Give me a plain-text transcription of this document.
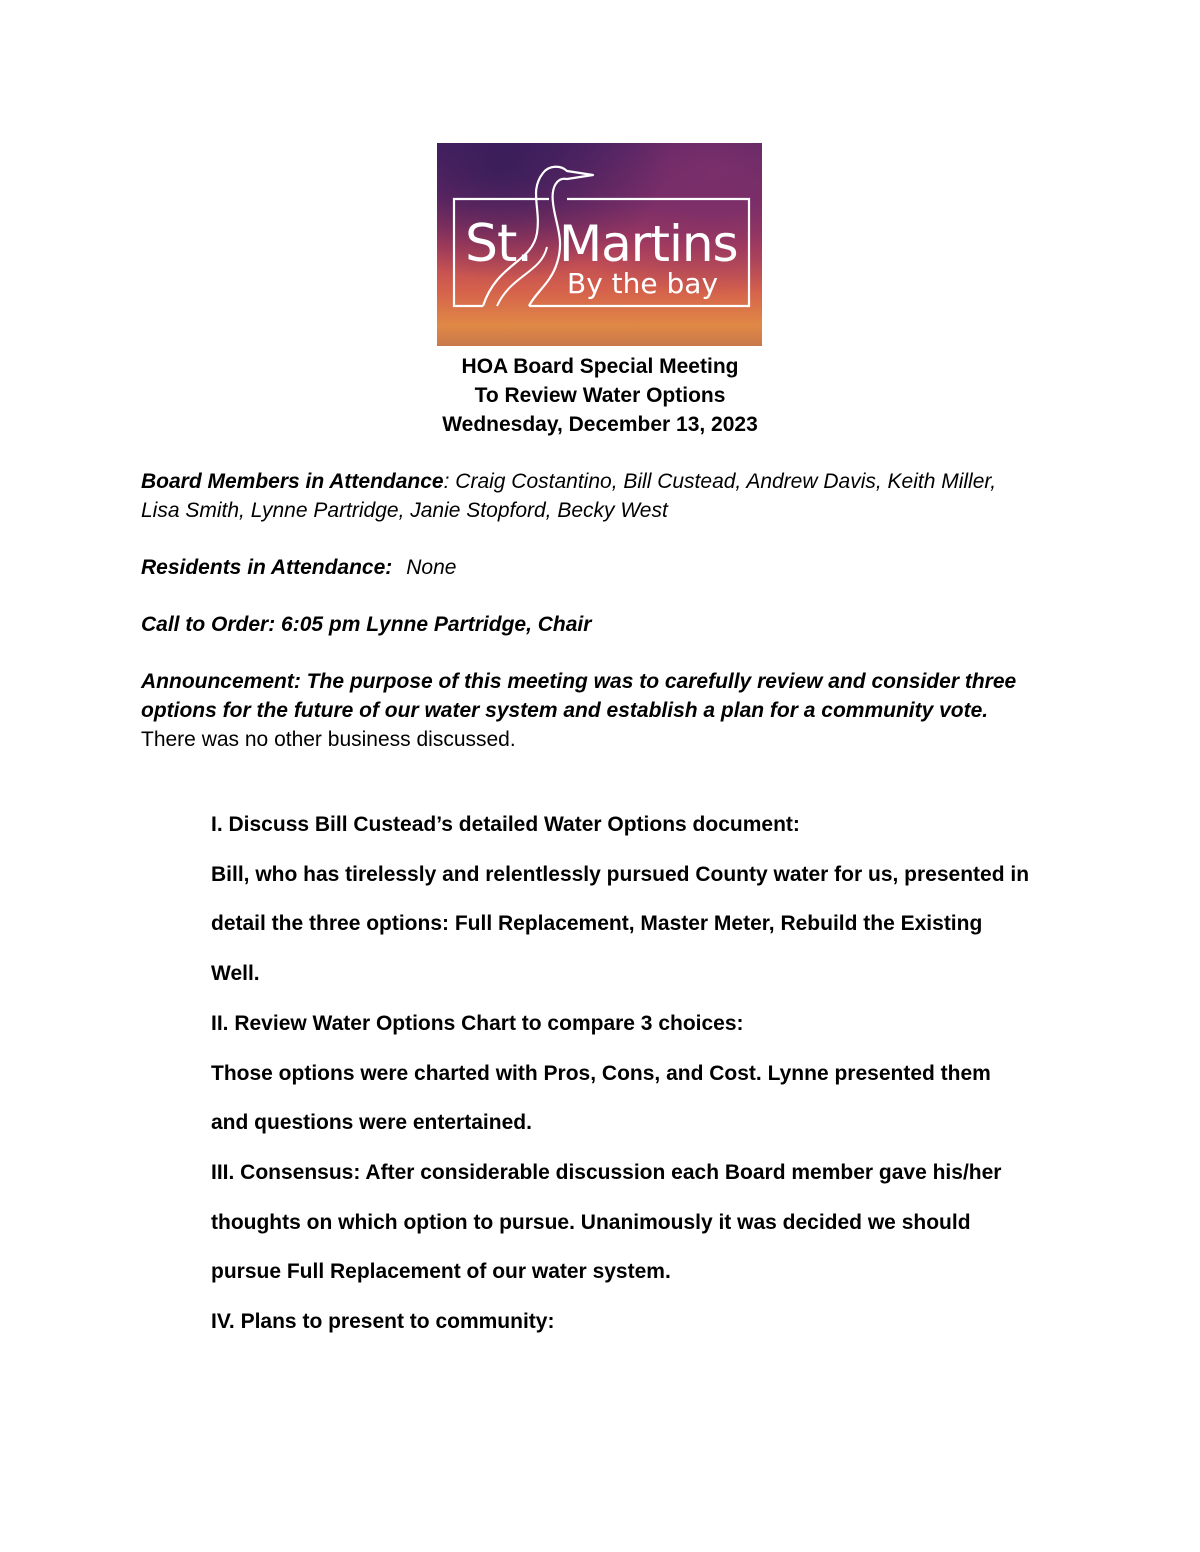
St. Martins
By the bay
HOA Board Special Meeting
To Review Water Options
Wednesday, December 13, 2023
Board Members in Attendance: Craig Costantino, Bill Custead, Andrew Davis, Keith Miller,
Lisa Smith, Lynne Partridge, Janie Stopford, Becky West
Residents in Attendance: None
Call to Order: 6:05 pm Lynne Partridge, Chair
Announcement: The purpose of this meeting was to carefully review and consider three
options for the future of our water system and establish a plan for a community vote.
There was no other business discussed.
I. Discuss Bill Custead’s detailed Water Options document:
Bill, who has tirelessly and relentlessly pursued County water for us, presented in
detail the three options: Full Replacement, Master Meter, Rebuild the Existing
Well.
II. Review Water Options Chart to compare 3 choices:
Those options were charted with Pros, Cons, and Cost. Lynne presented them
and questions were entertained.
III. Consensus: After considerable discussion each Board member gave his/her
thoughts on which option to pursue. Unanimously it was decided we should
pursue Full Replacement of our water system.
IV. Plans to present to community:
